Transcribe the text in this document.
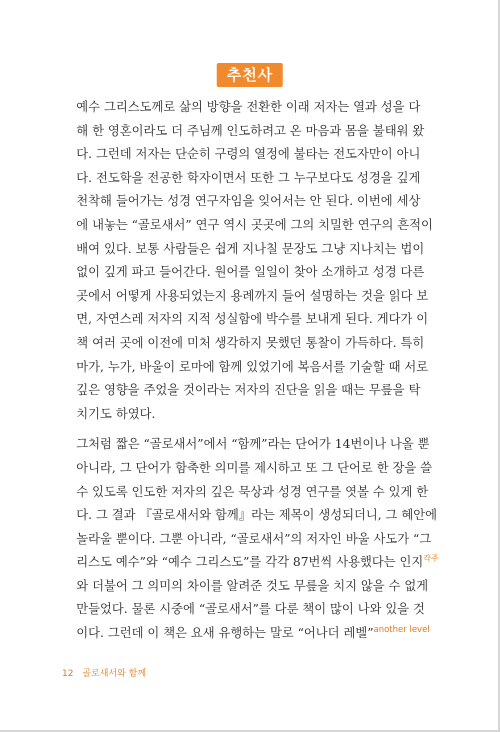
추천사

예수 그리스도께로 삶의 방향을 전환한 이래 저자는 열과 성을 다
해 한 영혼이라도 더 주님께 인도하려고 온 마음과 몸을 불태워 왔
다. 그런데 저자는 단순히 구령의 열정에 불타는 전도자만이 아니
다. 전도학을 전공한 학자이면서 또한 그 누구보다도 성경을 깊게
천착해 들어가는 성경 연구자임을 잊어서는 안 된다. 이번에 세상
에 내놓는 “골로새서” 연구 역시 곳곳에 그의 치밀한 연구의 흔적이
배여 있다. 보통 사람들은 쉽게 지나칠 문장도 그냥 지나치는 법이
없이 깊게 파고 들어간다. 원어를 일일이 찾아 소개하고 성경 다른
곳에서 어떻게 사용되었는지 용례까지 들어 설명하는 것을 읽다 보
면, 자연스레 저자의 지적 성실함에 박수를 보내게 된다. 게다가 이
책 여러 곳에 이전에 미처 생각하지 못했던 통찰이 가득하다. 특히
마가, 누가, 바울이 로마에 함께 있었기에 복음서를 기술할 때 서로
깊은 영향을 주었을 것이라는 저자의 진단을 읽을 때는 무릎을 탁
치기도 하였다.

그처럼 짧은 “골로새서”에서 “함께”라는 단어가 14번이나 나올 뿐
아니라, 그 단어가 함축한 의미를 제시하고 또 그 단어로 한 장을 쓸
수 있도록 인도한 저자의 깊은 묵상과 성경 연구를 엿볼 수 있게 한
다. 그 결과 『골로새서와 함께』라는 제목이 생성되더니, 그 혜안에
놀라울 뿐이다. 그뿐 아니라, “골로새서”의 저자인 바울 사도가 “그
리스도 예수”와 “예수 그리스도”를 각각 87번씩 사용했다는 인지$^{각주}$
와 더불어 그 의미의 차이를 알려준 것도 무릎을 치지 않을 수 없게
만들었다. 물론 시중에 “골로새서”를 다룬 책이 많이 나와 있을 것
이다. 그런데 이 책은 요새 유행하는 말로 “어나더 레벨”$^{another level}$

12 골로새서와 함께
